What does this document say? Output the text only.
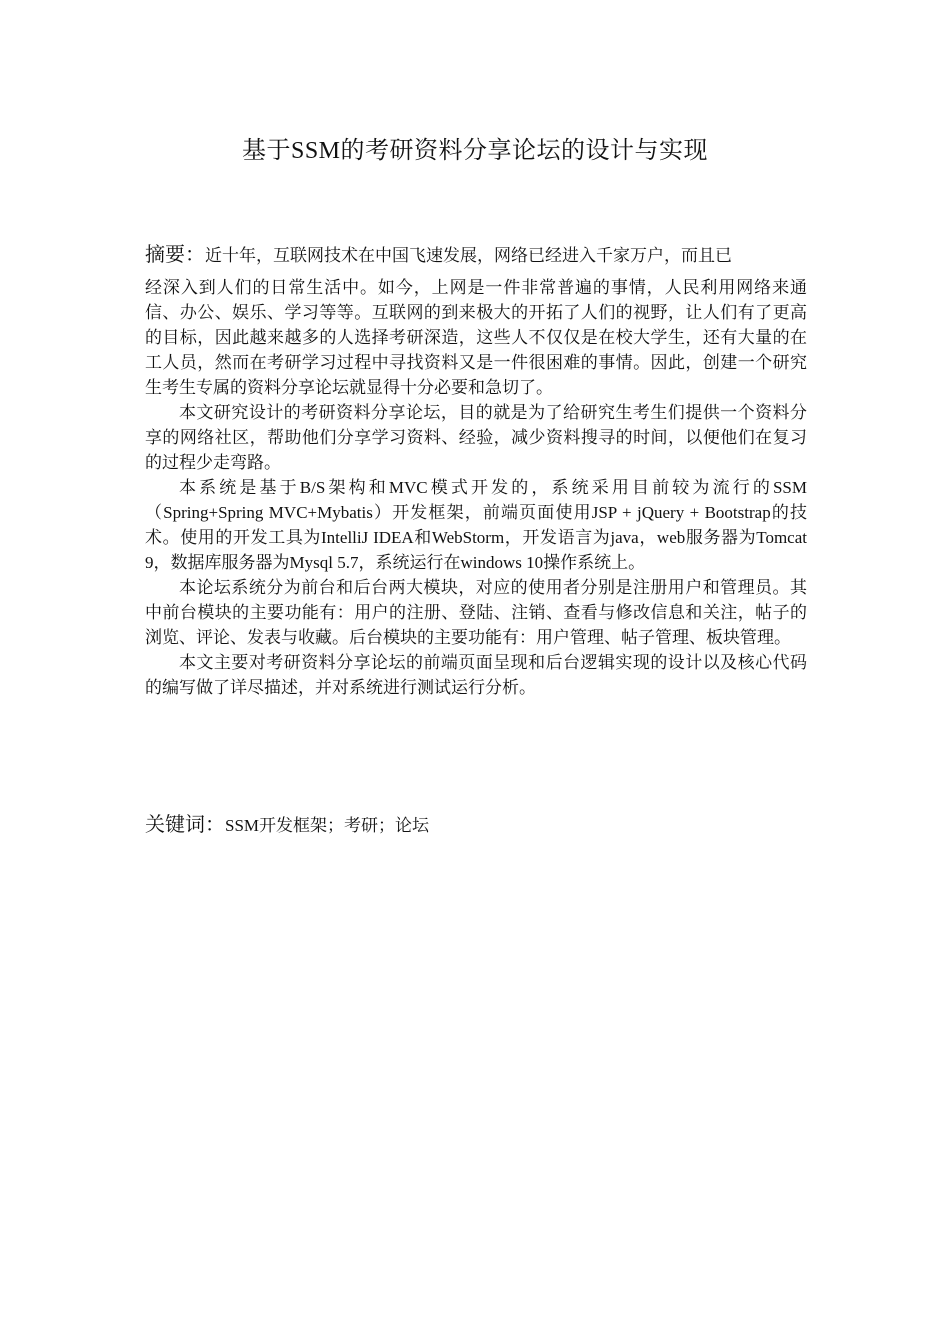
基于SSM的考研资料分享论坛的设计与实现

摘要：近十年，互联网技术在中国飞速发展，网络已经进入千家万户，而且已
经深入到人们的日常生活中。如今，上网是一件非常普遍的事情，人民利用网络来通信、办公、娱乐、学习等等。互联网的到来极大的开拓了人们的视野，让人们有了更高的目标，因此越来越多的人选择考研深造，这些人不仅仅是在校大学生，还有大量的在工人员，然而在考研学习过程中寻找资料又是一件很困难的事情。因此，创建一个研究生考生专属的资料分享论坛就显得十分必要和急切了。

本文研究设计的考研资料分享论坛，目的就是为了给研究生考生们提供一个资料分享的网络社区，帮助他们分享学习资料、经验，减少资料搜寻的时间，以便他们在复习的过程少走弯路。

本系统是基于B/S架构和MVC模式开发的，系统采用目前较为流行的SSM（Spring+Spring MVC+Mybatis）开发框架，前端页面使用JSP + jQuery + Bootstrap的技术。使用的开发工具为IntelliJ IDEA和WebStorm，开发语言为java，web服务器为Tomcat 9，数据库服务器为Mysql 5.7，系统运行在windows 10操作系统上。

本论坛系统分为前台和后台两大模块，对应的使用者分别是注册用户和管理员。其中前台模块的主要功能有：用户的注册、登陆、注销、查看与修改信息和关注，帖子的浏览、评论、发表与收藏。后台模块的主要功能有：用户管理、帖子管理、板块管理。

本文主要对考研资料分享论坛的前端页面呈现和后台逻辑实现的设计以及核心代码的编写做了详尽描述，并对系统进行测试运行分析。

关键词：SSM开发框架；考研；论坛
